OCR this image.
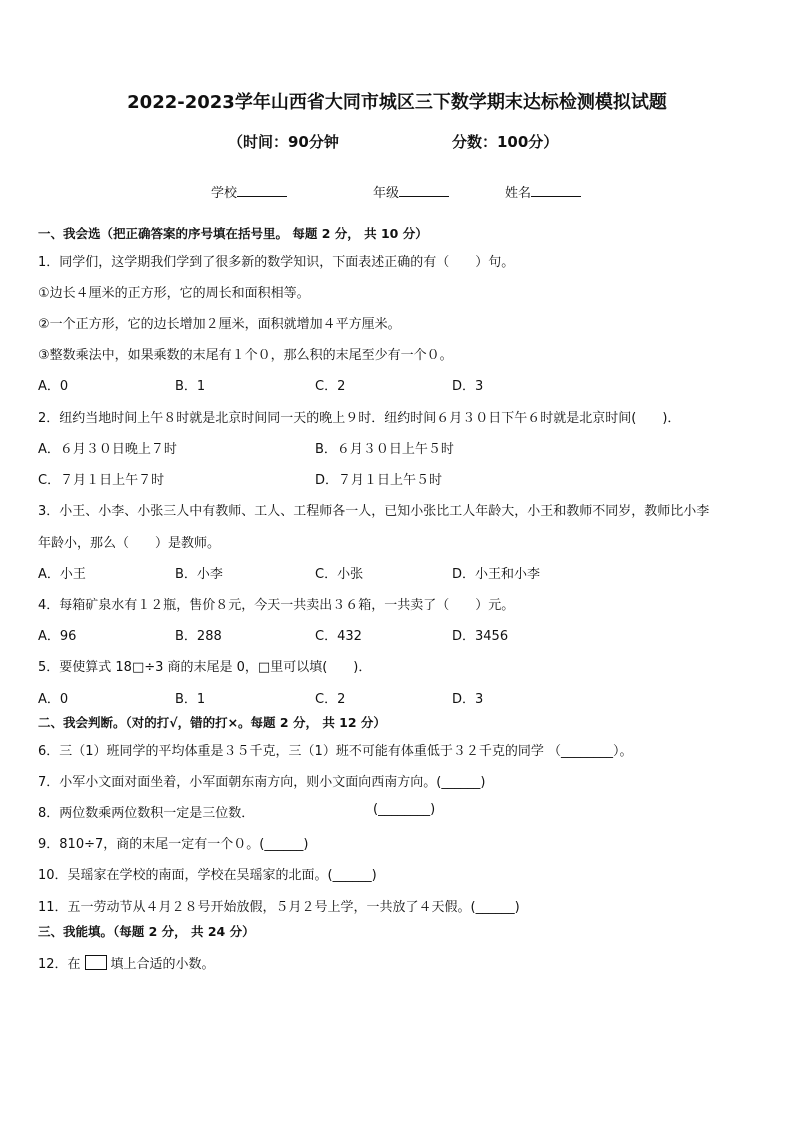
2022-2023学年山西省大同市城区三下数学期末达标检测模拟试题
（时间：90分钟	分数：100分）
学校	年级	姓名
一、我会选（把正确答案的序号填在括号里。 每题 2 分， 共 10 分）
1．同学们，这学期我们学到了很多新的数学知识，下面表述正确的有（　　）句。
①边长４厘米的正方形，它的周长和面积相等。
②一个正方形，它的边长增加２厘米，面积就增加４平方厘米。
③整数乘法中，如果乘数的末尾有１个０，那么积的末尾至少有一个０。
A．0	B．1	C．2	D．3
2．纽约当地时间上午８时就是北京时间同一天的晚上９时．纽约时间６月３０日下午６时就是北京时间(　　)．
A．６月３０日晚上７时	B．６月３０日上午５时
C．７月１日上午７时	D．７月１日上午５时
3．小王、小李、小张三人中有教师、工人、工程师各一人，已知小张比工人年龄大，小王和教师不同岁，教师比小李
年龄小，那么（　　）是教师。
A．小王	B．小李	C．小张	D．小王和小李
4．每箱矿泉水有１２瓶，售价８元，今天一共卖出３６箱，一共卖了（　　）元。
A．96	B．288	C．432	D．3456
5．要使算式 18□÷3 商的末尾是 0，□里可以填(　　)．
A．0	B．1	C．2	D．3
二、我会判断。（对的打√，错的打×。每题 2 分， 共 12 分）
6．三（1）班同学的平均体重是３５千克，三（1）班不可能有体重低于３２千克的同学 （________）。
7．小军小文面对面坐着，小军面朝东南方向，则小文面向西南方向。(______)
8．两位数乘两位数积一定是三位数．	(________)
9．810÷7，商的末尾一定有一个０。(______)
10．吴瑶家在学校的南面，学校在吴瑶家的北面。(______)
11．五一劳动节从４月２８号开始放假，５月２号上学，一共放了４天假。(______)
三、我能填。（每题 2 分， 共 24 分）
12．在 填上合适的小数。
